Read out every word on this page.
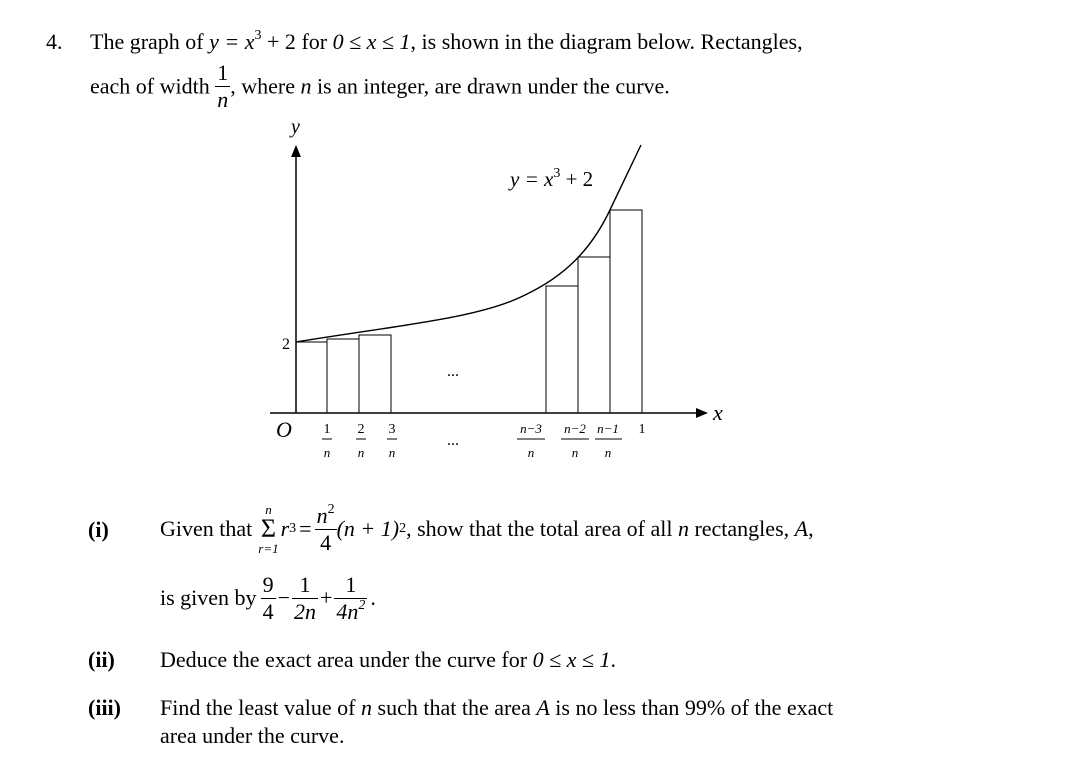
4. The graph of $y = x^3 + 2$ for 0 ≤ x ≤ 1, is shown in the diagram below. Rectangles,
each of width $\frac{1}{n}$ , where n is an integer, are drawn under the curve.
y
x
O
2
$y = x^3 + 2$
...
...
1
n
2
n
3
n
n−3
n
n−2
n
n−1
n
1
(i) Given that
n
Σ
r=1
r $3 = \frac{n^2}{4} (n + 1)$ 2 , show that the total area of all
n
rectangles,
A ,
is given by $\frac{9}{4} - \frac{1}{2n} + \frac{1}{4n^2}$ .
(ii) Deduce the exact area under the curve for 0 ≤ x ≤ 1.
(iii) Find the least value of n such that the area A is no less than 99% of the exact
area under the curve.
